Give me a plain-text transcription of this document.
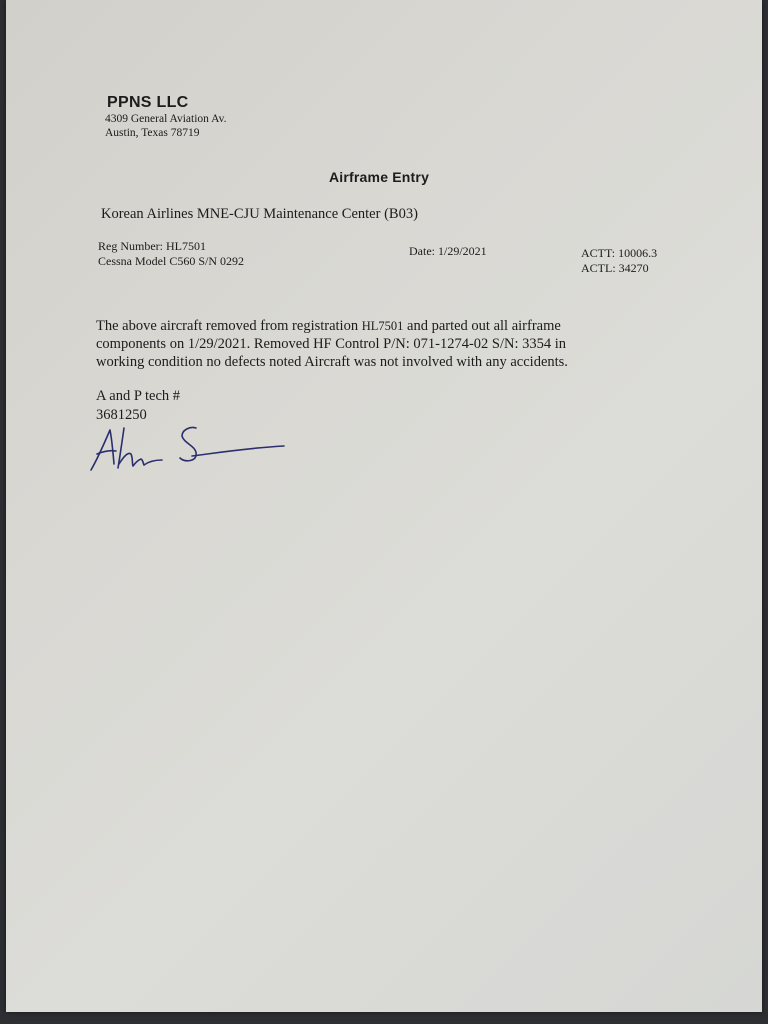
PPNS LLC
4309 General Aviation Av.
Austin, Texas 78719
Airframe Entry
Korean Airlines MNE-CJU Maintenance Center (B03)
Reg Number: HL7501
Cessna Model C560 S/N 0292
Date: 1/29/2021	ACTT: 10006.3
ACTL: 34270
The above aircraft removed from registration HL7501 and parted out all airframe
components on 1/29/2021. Removed HF Control P/N: 071-1274-02 S/N: 3354 in
working condition no defects noted Aircraft was not involved with any accidents.
A and P tech #
3681250
